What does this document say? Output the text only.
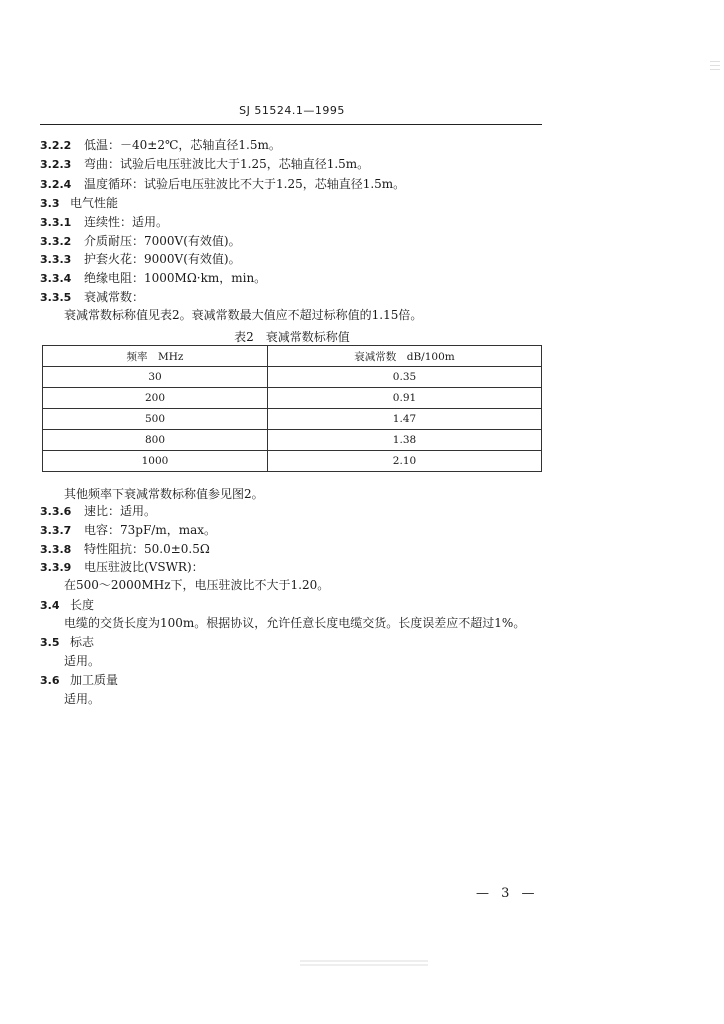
SJ 51524.1—1995
3.2.2 低温：－40±2℃，芯轴直径1.5m。
3.2.3 弯曲：试验后电压驻波比大于1.25，芯轴直径1.5m。
3.2.4 温度循环：试验后电压驻波比不大于1.25，芯轴直径1.5m。
3.3 电气性能
3.3.1 连续性：适用。
3.3.2 介质耐压：7000V(有效值)。
3.3.3 护套火花：9000V(有效值)。
3.3.4 绝缘电阻：1000MΩ·km，min。
3.3.5 衰减常数：
衰减常数标称值见表2。衰减常数最大值应不超过标称值的1.15倍。
表2　衰减常数标称值
频率　MHz	衰减常数　dB/100m
30	0.35
200	0.91
500	1.47
800	1.38
1000	2.10
其他频率下衰减常数标称值参见图2。
3.3.6 速比：适用。
3.3.7 电容：73pF/m，max。
3.3.8 特性阻抗：50.0±0.5Ω
3.3.9 电压驻波比(VSWR)：
在500～2000MHz下，电压驻波比不大于1.20。
3.4 长度
电缆的交货长度为100m。根据协议，允许任意长度电缆交货。长度误差应不超过1%。
3.5 标志
适用。
3.6 加工质量
适用。
— 3 —
